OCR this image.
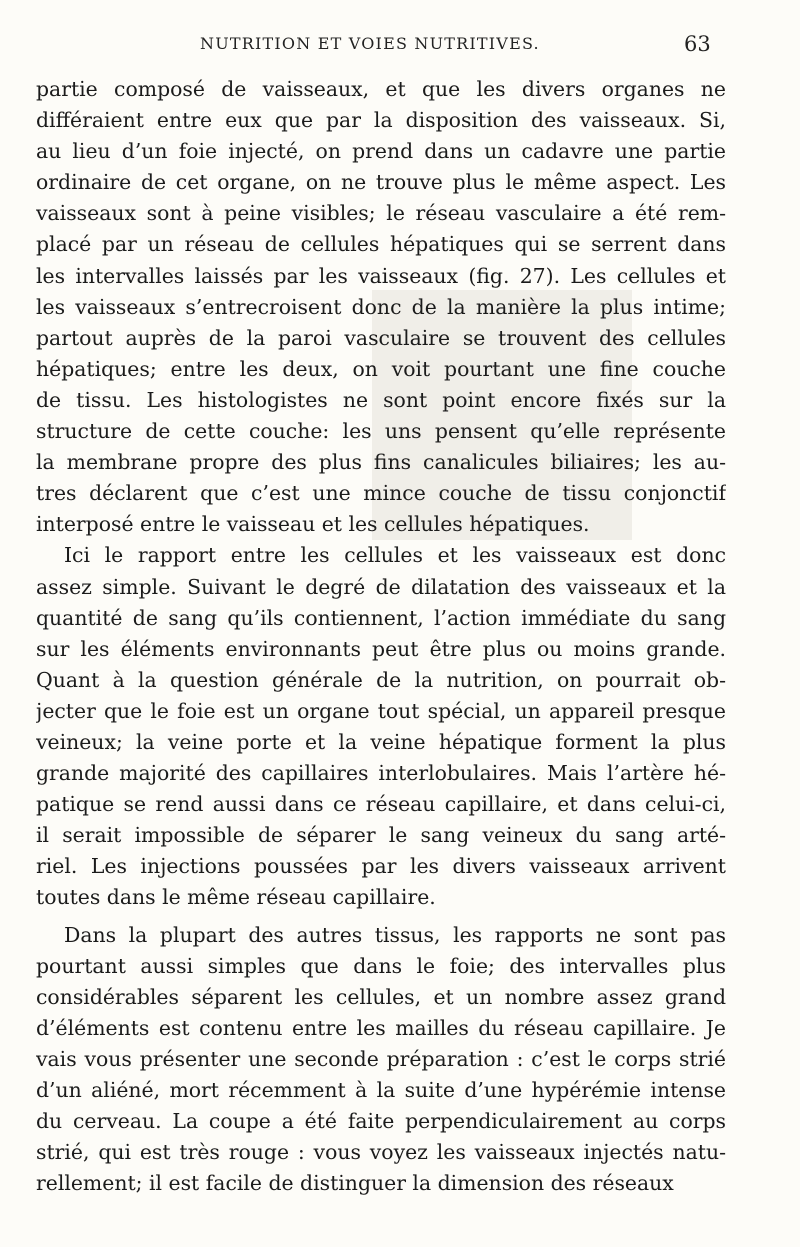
NUTRITION ET VOIES NUTRITIVES.	63
partie composé de vaisseaux, et que les divers organes ne
différaient entre eux que par la disposition des vaisseaux. Si,
au lieu d’un foie injecté, on prend dans un cadavre une partie
ordinaire de cet organe, on ne trouve plus le même aspect. Les
vaisseaux sont à peine visibles; le réseau vasculaire a été rem-
placé par un réseau de cellules hépatiques qui se serrent dans
les intervalles laissés par les vaisseaux (fig. 27). Les cellules et
les vaisseaux s’entrecroisent donc de la manière la plus intime;
partout auprès de la paroi vasculaire se trouvent des cellules
hépatiques; entre les deux, on voit pourtant une fine couche
de tissu. Les histologistes ne sont point encore fixés sur la
structure de cette couche: les uns pensent qu’elle représente
la membrane propre des plus fins canalicules biliaires; les au-
tres déclarent que c’est une mince couche de tissu conjonctif
interposé entre le vaisseau et les cellules hépatiques.
Ici le rapport entre les cellules et les vaisseaux est donc
assez simple. Suivant le degré de dilatation des vaisseaux et la
quantité de sang qu’ils contiennent, l’action immédiate du sang
sur les éléments environnants peut être plus ou moins grande.
Quant à la question générale de la nutrition, on pourrait ob-
jecter que le foie est un organe tout spécial, un appareil presque
veineux; la veine porte et la veine hépatique forment la plus
grande majorité des capillaires interlobulaires. Mais l’artère hé-
patique se rend aussi dans ce réseau capillaire, et dans celui-ci,
il serait impossible de séparer le sang veineux du sang arté-
riel. Les injections poussées par les divers vaisseaux arrivent
toutes dans le même réseau capillaire.
Dans la plupart des autres tissus, les rapports ne sont pas
pourtant aussi simples que dans le foie; des intervalles plus
considérables séparent les cellules, et un nombre assez grand
d’éléments est contenu entre les mailles du réseau capillaire. Je
vais vous présenter une seconde préparation : c’est le corps strié
d’un aliéné, mort récemment à la suite d’une hypérémie intense
du cerveau. La coupe a été faite perpendiculairement au corps
strié, qui est très rouge : vous voyez les vaisseaux injectés natu-
rellement; il est facile de distinguer la dimension des réseaux
